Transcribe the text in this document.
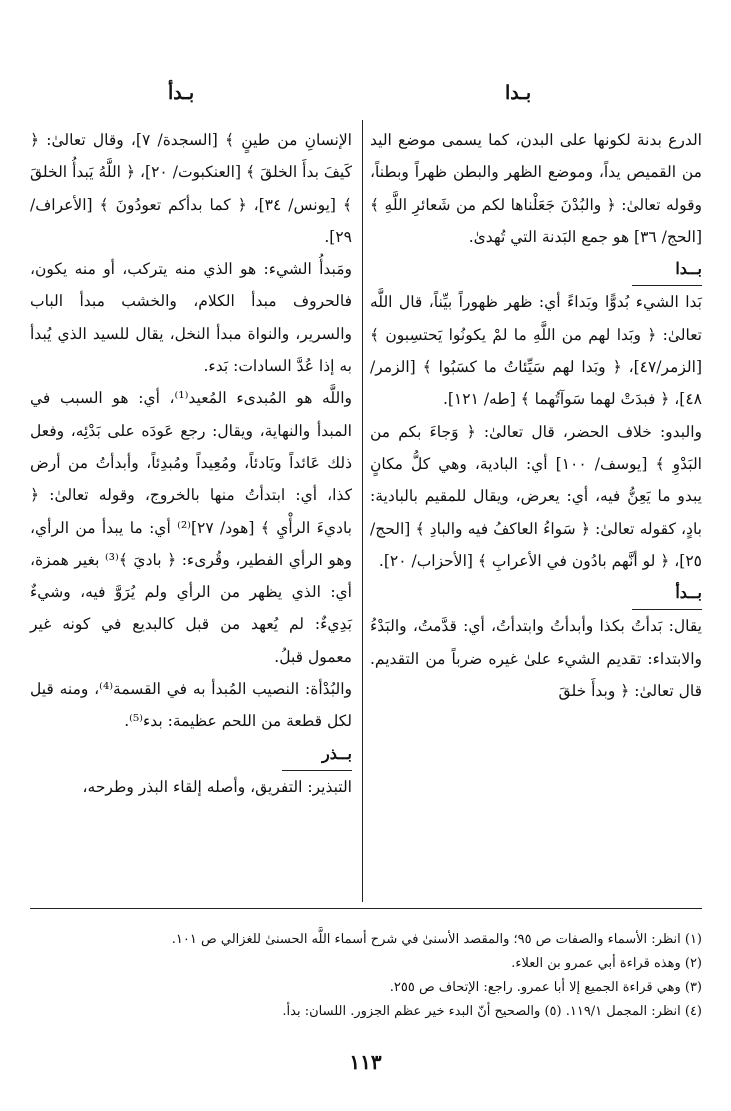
بـدا
بـدأ

الدرع بدنة لكونها على البدن، كما يسمى موضع اليد من القميص يداً، وموضع الظهر والبطن ظهراً وبطناً، وقوله تعالىٰ: ﴿ والبُدْنَ جَعَلْناها لكم من شَعائرِ اللَّهِ ﴾ [الحج/ ٣٦] هو جمع البَدنة التي تُهدىٰ.

بــدا

بَدا الشيء بُدوًّا وبَداءً أي: ظهر ظهوراً بيِّناً، قال اللَّه تعالىٰ: ﴿ وبَدا لهم من اللَّهِ ما لمْ يكونُوا يَحتسِبون ﴾ [الزمر/٤٧]، ﴿ وبَدا لهم سَيِّئاتُ ما كسَبُوا ﴾ [الزمر/ ٤٨]، ﴿ فبدَتْ لهما سَوآتُهما ﴾ [طه/ ١٢١].

والبدو: خلاف الحضر، قال تعالىٰ: ﴿ وَجاءَ بكم من البَدْوِ ﴾ [يوسف/ ١٠٠] أي: البادية، وهي كلُّ مكانٍ يبدو ما يَعِنُّ فيه، أي: يعرض، ويقال للمقيم بالبادية: بادٍ، كقوله تعالىٰ: ﴿ سَواءُ العاكفُ فيه والبادِ ﴾ [الحج/ ٢٥]، ﴿ لو أنَّهم بادُون في الأعرابِ ﴾ [الأحزاب/ ٢٠].

بــدأ

يقال: بَدأتُ بكذا وأبدأتُ وابتدأتُ، أي: قدَّمتُ، والبَدْءُ والابتداء: تقديم الشيء علىٰ غيره ضرباً من التقديم. قال تعالىٰ: ﴿ وبدأَ خلقَ

الإنسانِ من طينٍ ﴾ [السجدة/ ٧]، وقال تعالىٰ: ﴿ كَيفَ بدأَ الخلقَ ﴾ [العنكبوت/ ٢٠]، ﴿ اللَّهُ يَبدأُ الخلقَ ﴾ [يونس/ ٣٤]، ﴿ كما بدأكم تعودُونَ ﴾ [الأعراف/ ٢٩].

ومَبدأُ الشيء: هو الذي منه يتركب، أو منه يكون، فالحروف مبدأ الكلام، والخشب مبدأ الباب والسرير، والنواة مبدأ النخل، يقال للسيد الذي يُبدأ به إذا عُدَّ السادات: بَدء.

واللَّه هو المُبدىء المُعيد⁽¹⁾، أي: هو السبب في المبدأ والنهاية، ويقال: رجع عَودَه على بَدْئِه، وفعل ذلك عَائداً وبَادئاً، ومُعِيداً ومُبدِئاً، وأبدأتُ من أرض كذا، أي: ابتدأتُ منها بالخروج، وقوله تعالىٰ: ﴿ باديءَ الرأْيِ ﴾ [هود/ ٢٧]⁽²⁾ أي: ما يبدأ من الرأي، وهو الرأي الفطير، وقُرىء: ﴿ باديَ ﴾⁽³⁾ بغير همزة، أي: الذي يظهر من الرأي ولم يُرَوَّ فيه، وشيءٌ بَدِيءٌ: لم يُعهد من قبل كالبديع في كونه غير معمول قبلُ.

والبُدْأة: النصيب المُبدأ به في القسمة⁽⁴⁾، ومنه قيل لكل قطعة من اللحم عظيمة: بدء⁽⁵⁾.

بــذر

التبذير: التفريق، وأصله إلقاء البذر وطرحه،

(١) انظر: الأسماء والصفات ص ٩٥؛ والمقصد الأسنىٰ في شرح أسماء اللَّه الحسنىٰ للغزالي ص ١٠١.

(٢) وهذه قراءة أبي عمرو بن العلاء.

(٣) وهي قراءة الجميع إلا أبا عمرو. راجع: الإتحاف ص ٢٥٥.

(٤) انظر: المجمل ١١٩/١. (٥) والصحيح أنّ البدء خير عظم الجزور. اللسان: بدأ.

١١٣
